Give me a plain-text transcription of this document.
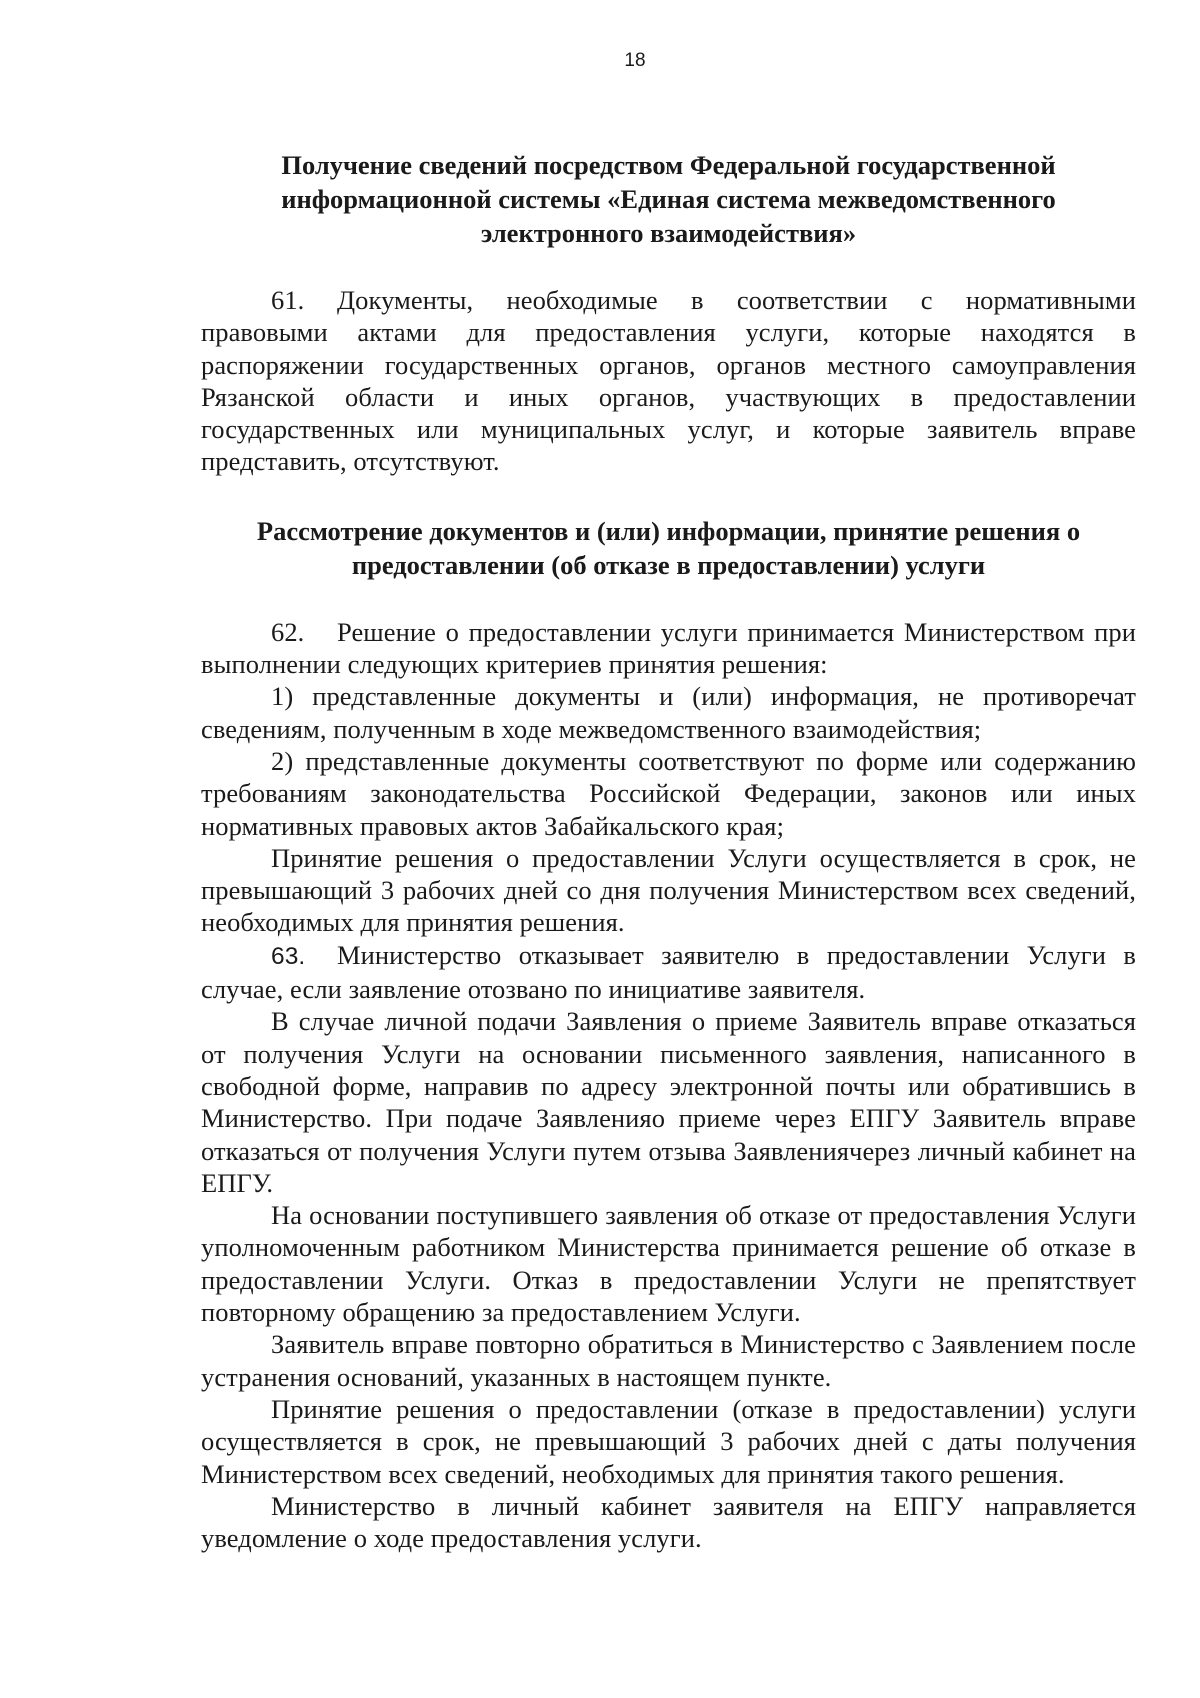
18
Получение сведений посредством Федеральной государственной информационной системы «Единая система межведомственного электронного взаимодействия»

61. Документы, необходимые в соответствии с нормативными правовыми актами для предоставления услуги, которые находятся в распоряжении государственных органов, органов местного самоуправления Рязанской области и иных органов, участвующих в предоставлении государственных или муниципальных услуг, и которые заявитель вправе представить, отсутствуют.

Рассмотрение документов и (или) информации, принятие решения о предоставлении (об отказе в предоставлении) услуги

62. Решение о предоставлении услуги принимается Министерством при выполнении следующих критериев принятия решения:

1) представленные документы и (или) информация, не противоречат сведениям, полученным в ходе межведомственного взаимодействия;

2) представленные документы соответствуют по форме или содержанию требованиям законодательства Российской Федерации, законов или иных нормативных правовых актов Забайкальского края;

Принятие решения о предоставлении Услуги осуществляется в срок, не превышающий 3 рабочих дней со дня получения Министерством всех сведений, необходимых для принятия решения.

63. Министерство отказывает заявителю в предоставлении Услуги в случае, если заявление отозвано по инициативе заявителя.

В случае личной подачи Заявления о приеме Заявитель вправе отказаться от получения Услуги на основании письменного заявления, написанного в свободной форме, направив по адресу электронной почты или обратившись в Министерство. При подаче Заявленияо приеме через ЕПГУ Заявитель вправе отказаться от получения Услуги путем отзыва Заявлениячерез личный кабинет на ЕПГУ.

На основании поступившего заявления об отказе от предоставления Услуги уполномоченным работником Министерства принимается решение об отказе в предоставлении Услуги. Отказ в предоставлении Услуги не препятствует повторному обращению за предоставлением Услуги.

Заявитель вправе повторно обратиться в Министерство с Заявлением после устранения оснований, указанных в настоящем пункте.

Принятие решения о предоставлении (отказе в предоставлении) услуги осуществляется в срок, не превышающий 3 рабочих дней с даты получения Министерством всех сведений, необходимых для принятия такого решения.

Министерство в личный кабинет заявителя на ЕПГУ направляется уведомление о ходе предоставления услуги.
